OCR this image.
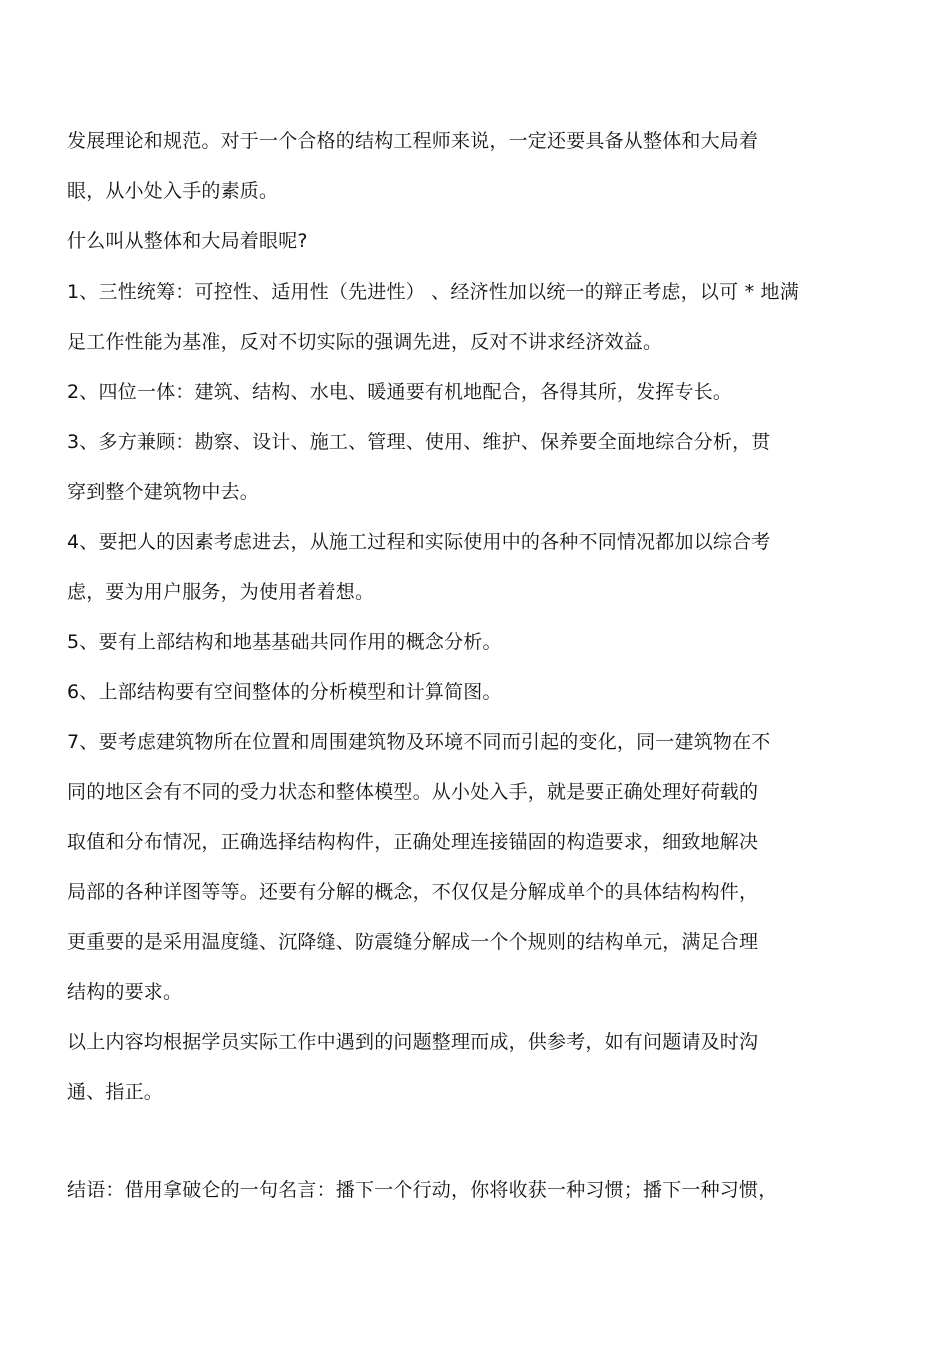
发展理论和规范。对于一个合格的结构工程师来说，一定还要具备从整体和大局着
眼，从小处入手的素质。
什么叫从整体和大局着眼呢?
1、三性统筹：可控性、适用性（先进性） 、经济性加以统一的辩正考虑，以可 * 地满
足工作性能为基准，反对不切实际的强调先进，反对不讲求经济效益。
2、四位一体：建筑、结构、水电、暖通要有机地配合，各得其所，发挥专长。
3、多方兼顾：勘察、设计、施工、管理、使用、维护、保养要全面地综合分析，贯
穿到整个建筑物中去。
4、要把人的因素考虑进去，从施工过程和实际使用中的各种不同情况都加以综合考
虑，要为用户服务，为使用者着想。
5、要有上部结构和地基基础共同作用的概念分析。
6、上部结构要有空间整体的分析模型和计算简图。
7、要考虑建筑物所在位置和周围建筑物及环境不同而引起的变化，同一建筑物在不
同的地区会有不同的受力状态和整体模型。从小处入手，就是要正确处理好荷载的
取值和分布情况，正确选择结构构件，正确处理连接锚固的构造要求，细致地解决
局部的各种详图等等。还要有分解的概念，不仅仅是分解成单个的具体结构构件，
更重要的是采用温度缝、沉降缝、防震缝分解成一个个规则的结构单元，满足合理
结构的要求。
以上内容均根据学员实际工作中遇到的问题整理而成，供参考，如有问题请及时沟
通、指正。
结语：借用拿破仑的一句名言：播下一个行动，你将收获一种习惯；播下一种习惯，
